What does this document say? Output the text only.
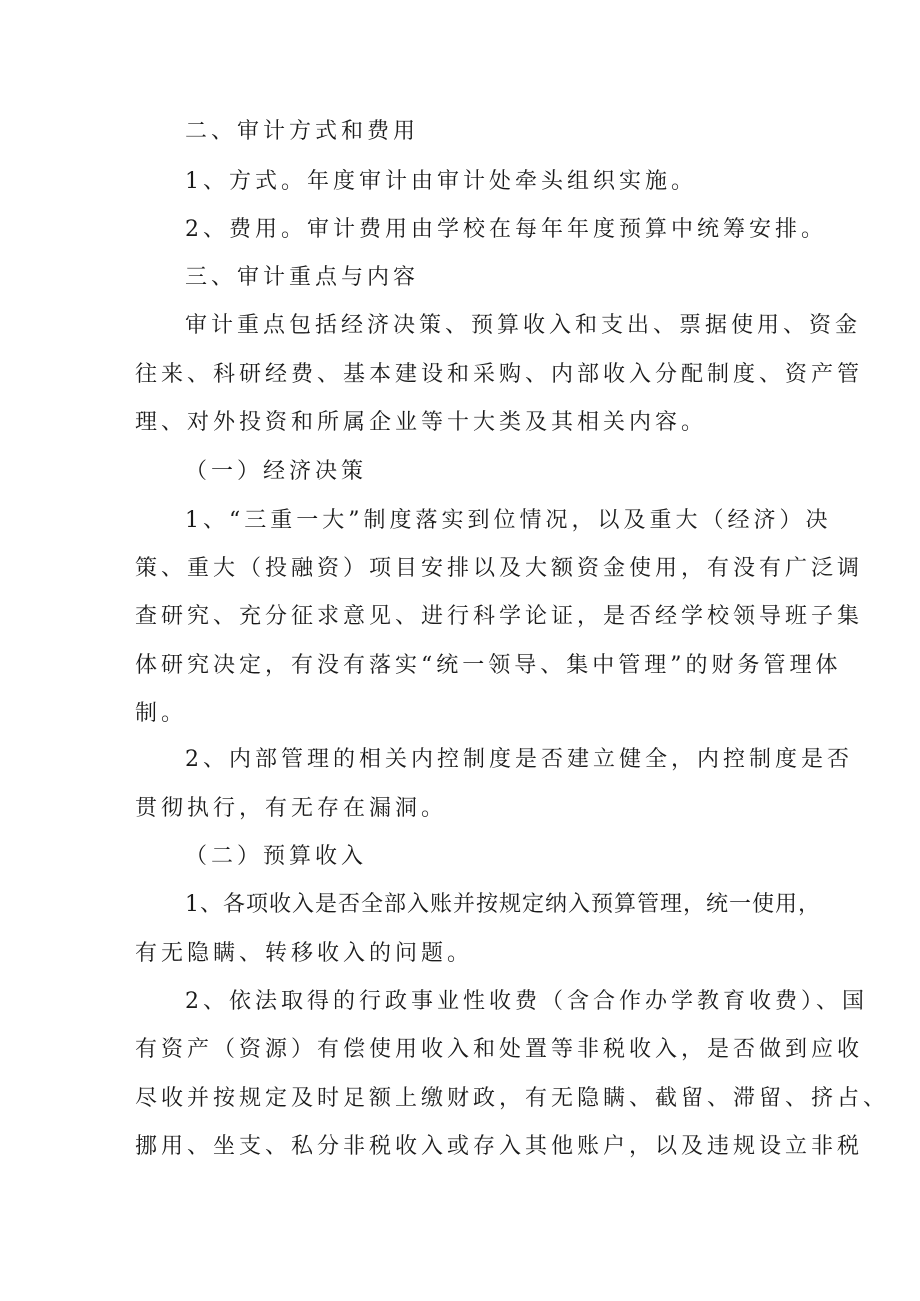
二、审计方式和费用
1、方式。年度审计由审计处牵头组织实施。
2、费用。审计费用由学校在每年年度预算中统筹安排。
三、审计重点与内容
审计重点包括经济决策、预算收入和支出、票据使用、资金
往来、科研经费、基本建设和采购、内部收入分配制度、资产管
理、对外投资和所属企业等十大类及其相关内容。
（一）经济决策
1、“三重一大”制度落实到位情况，以及重大（经济）决
策、重大（投融资）项目安排以及大额资金使用，有没有广泛调
查研究、充分征求意见、进行科学论证，是否经学校领导班子集
体研究决定，有没有落实“统一领导、集中管理”的财务管理体
制。
2、内部管理的相关内控制度是否建立健全，内控制度是否
贯彻执行，有无存在漏洞。
（二）预算收入
1、各项收入是否全部入账并按规定纳入预算管理，统一使用，
有无隐瞒、转移收入的问题。
2、依法取得的行政事业性收费（含合作办学教育收费）、国
有资产（资源）有偿使用收入和处置等非税收入，是否做到应收
尽收并按规定及时足额上缴财政，有无隐瞒、截留、滞留、挤占、
挪用、坐支、私分非税收入或存入其他账户，以及违规设立非税
